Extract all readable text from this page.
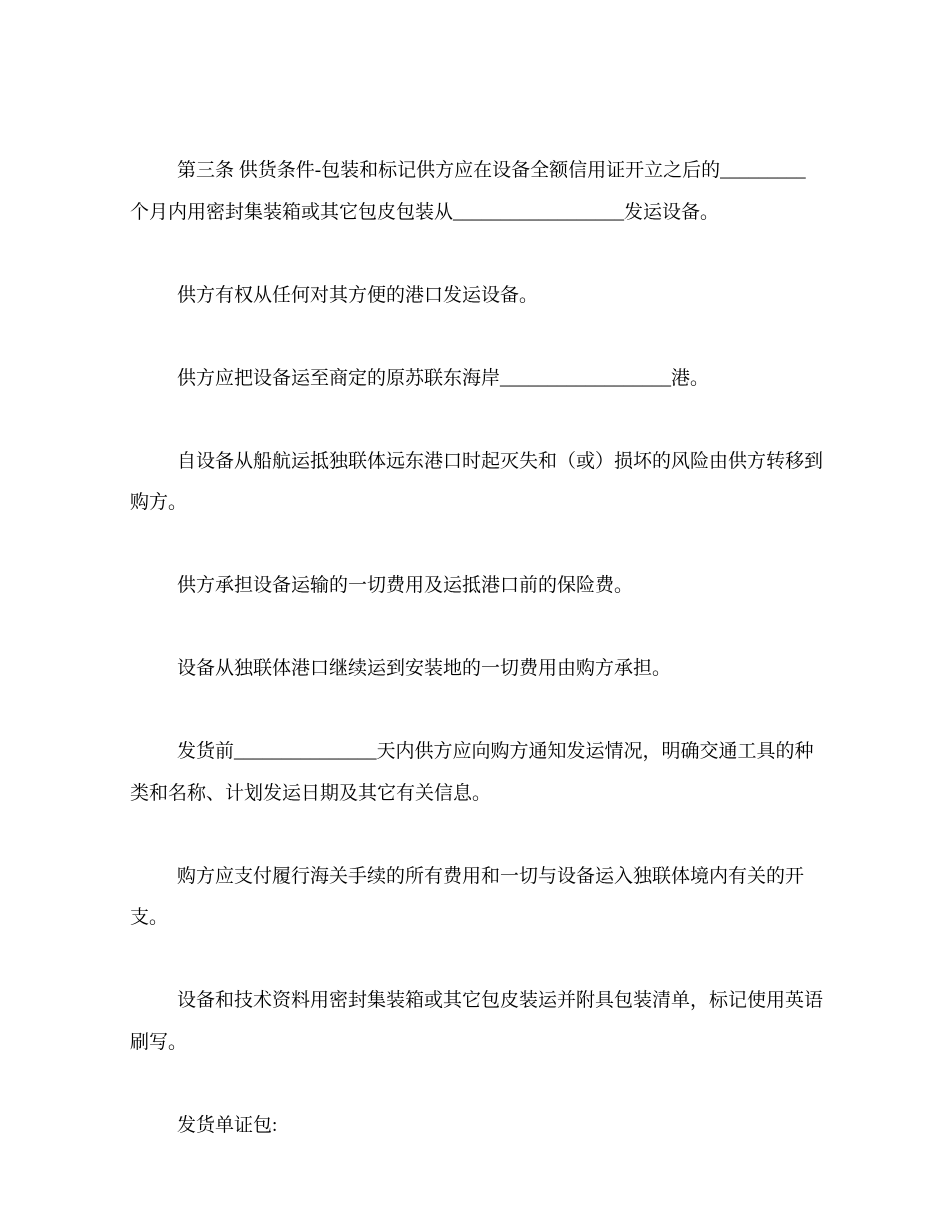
第三条 供货条件-包装和标记供方应在设备全额信用证开立之后的_________个月内用密封集装箱或其它包皮包装从__________________发运设备。

供方有权从任何对其方便的港口发运设备。

供方应把设备运至商定的原苏联东海岸__________________港。

自设备从船航运抵独联体远东港口时起灭失和（或）损坏的风险由供方转移到购方。

供方承担设备运输的一切费用及运抵港口前的保险费。

设备从独联体港口继续运到安装地的一切费用由购方承担。

发货前_______________天内供方应向购方通知发运情况，明确交通工具的种类和名称、计划发运日期及其它有关信息。

购方应支付履行海关手续的所有费用和一切与设备运入独联体境内有关的开支。

设备和技术资料用密封集装箱或其它包皮装运并附具包装清单，标记使用英语刷写。

发货单证包:
